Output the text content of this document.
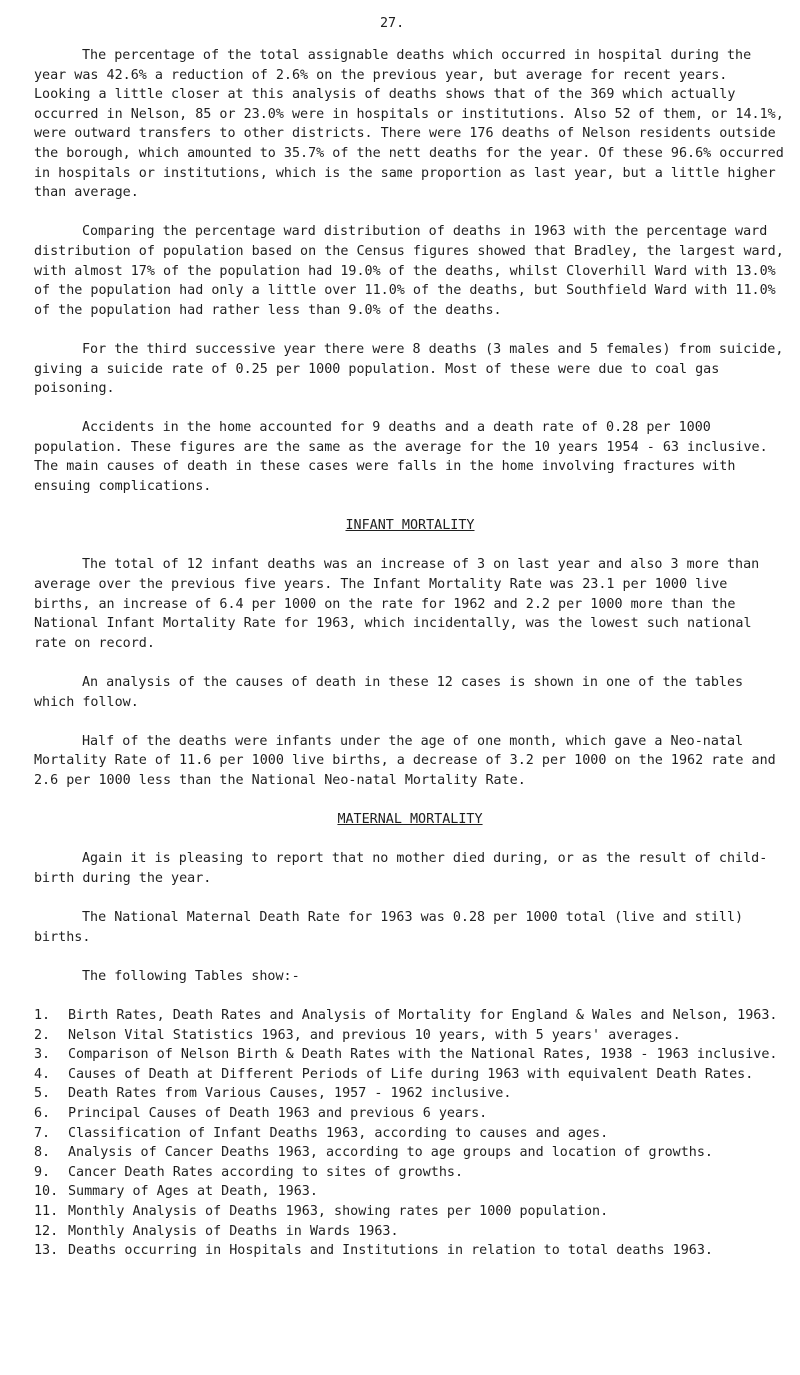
27.

The percentage of the total assignable deaths which occurred in hospital during the year was 42.6% a reduction of 2.6% on the previous year, but average for recent years. Looking a little closer at this analysis of deaths shows that of the 369 which actually occurred in Nelson, 85 or 23.0% were in hospitals or institutions. Also 52 of them, or 14.1%, were outward transfers to other districts. There were 176 deaths of Nelson residents outside the borough, which amounted to 35.7% of the nett deaths for the year. Of these 96.6% occurred in hospitals or institutions, which is the same proportion as last year, but a little higher than average.

Comparing the percentage ward distribution of deaths in 1963 with the percentage ward distribution of population based on the Census figures showed that Bradley, the largest ward, with almost 17% of the population had 19.0% of the deaths, whilst Cloverhill Ward with 13.0% of the population had only a little over 11.0% of the deaths, but Southfield Ward with 11.0% of the population had rather less than 9.0% of the deaths.

For the third successive year there were 8 deaths (3 males and 5 females) from suicide, giving a suicide rate of 0.25 per 1000 population. Most of these were due to coal gas poisoning.

Accidents in the home accounted for 9 deaths and a death rate of 0.28 per 1000 population. These figures are the same as the average for the 10 years 1954 - 63 inclusive. The main causes of death in these cases were falls in the home involving fractures with ensuing complications.

INFANT MORTALITY

The total of 12 infant deaths was an increase of 3 on last year and also 3 more than average over the previous five years. The Infant Mortality Rate was 23.1 per 1000 live births, an increase of 6.4 per 1000 on the rate for 1962 and 2.2 per 1000 more than the National Infant Mortality Rate for 1963, which incidentally, was the lowest such national rate on record.

An analysis of the causes of death in these 12 cases is shown in one of the tables which follow.

Half of the deaths were infants under the age of one month, which gave a Neo-natal Mortality Rate of 11.6 per 1000 live births, a decrease of 3.2 per 1000 on the 1962 rate and 2.6 per 1000 less than the National Neo-natal Mortality Rate.

MATERNAL MORTALITY

Again it is pleasing to report that no mother died during, or as the result of child-birth during the year.

The National Maternal Death Rate for 1963 was 0.28 per 1000 total (live and still) births.

The following Tables show:-

1.	Birth Rates, Death Rates and Analysis of Mortality for England & Wales and Nelson, 1963.
2.	Nelson Vital Statistics 1963, and previous 10 years, with 5 years' averages.
3.	Comparison of Nelson Birth & Death Rates with the National Rates, 1938 - 1963 inclusive.
4.	Causes of Death at Different Periods of Life during 1963 with equivalent Death Rates.
5.	Death Rates from Various Causes, 1957 - 1962 inclusive.
6.	Principal Causes of Death 1963 and previous 6 years.
7.	Classification of Infant Deaths 1963, according to causes and ages.
8.	Analysis of Cancer Deaths 1963, according to age groups and location of growths.
9.	Cancer Death Rates according to sites of growths.
10. Summary of Ages at Death, 1963.
11. Monthly Analysis of Deaths 1963, showing rates per 1000 population.
12. Monthly Analysis of Deaths in Wards 1963.
13. Deaths occurring in Hospitals and Institutions in relation to total deaths 1963.
